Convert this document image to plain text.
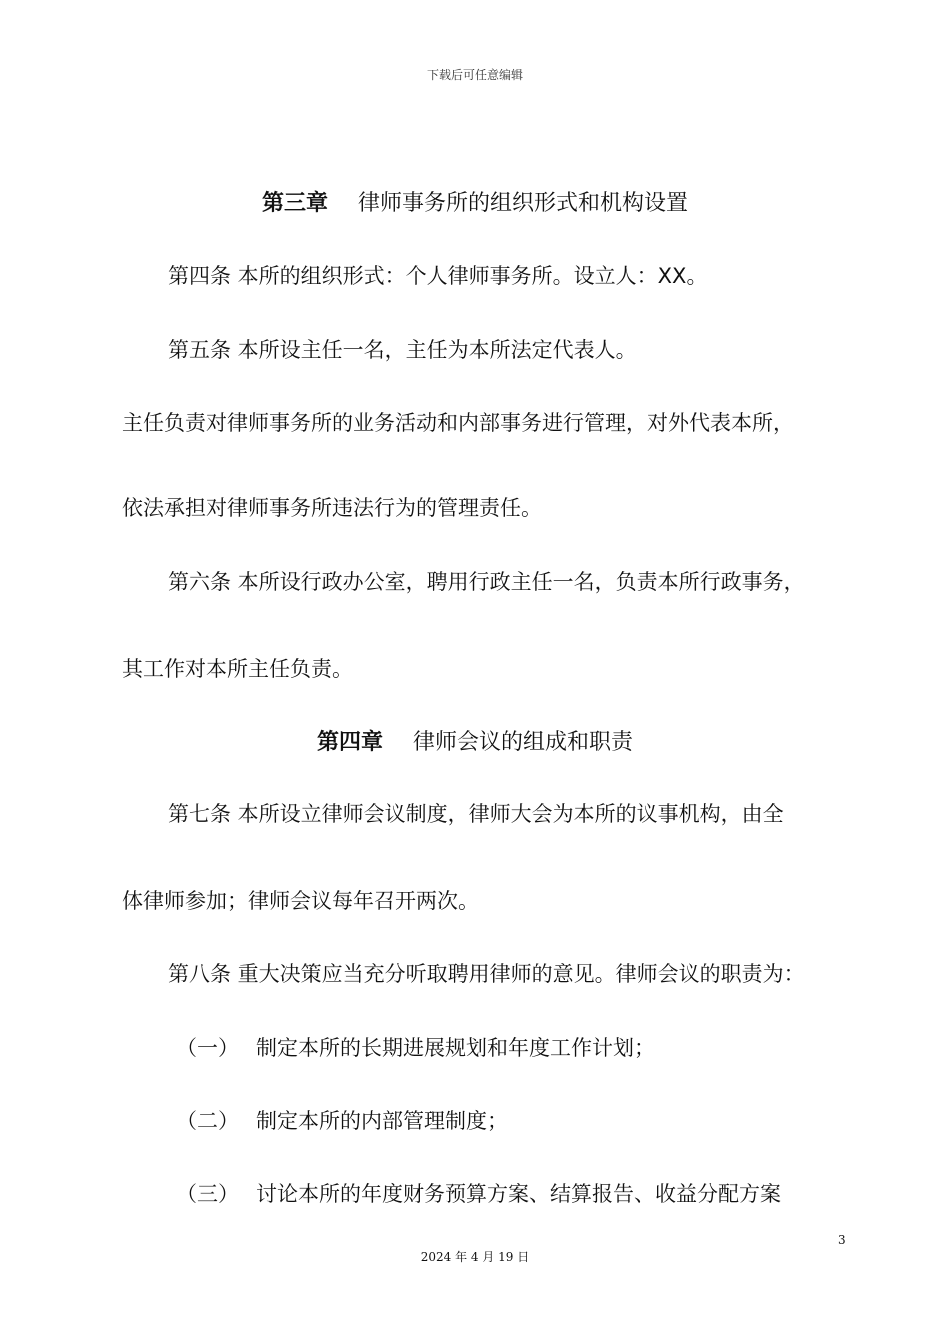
下载后可任意编辑
第三章 律师事务所的组织形式和机构设置
第四条 本所的组织形式：个人律师事务所。设立人：XX。
第五条 本所设主任一名，主任为本所法定代表人。
主任负责对律师事务所的业务活动和内部事务进行管理，对外代表本所，
依法承担对律师事务所违法行为的管理责任。
第六条 本所设行政办公室，聘用行政主任一名，负责本所行政事务，
其工作对本所主任负责。
第四章 律师会议的组成和职责
第七条 本所设立律师会议制度，律师大会为本所的议事机构，由全
体律师参加；律师会议每年召开两次。
第八条 重大决策应当充分听取聘用律师的意见。律师会议的职责为：
（一） 制定本所的长期进展规划和年度工作计划；
（二） 制定本所的内部管理制度；
（三） 讨论本所的年度财务预算方案、结算报告、收益分配方案
3
2024 年 4 月 19 日
